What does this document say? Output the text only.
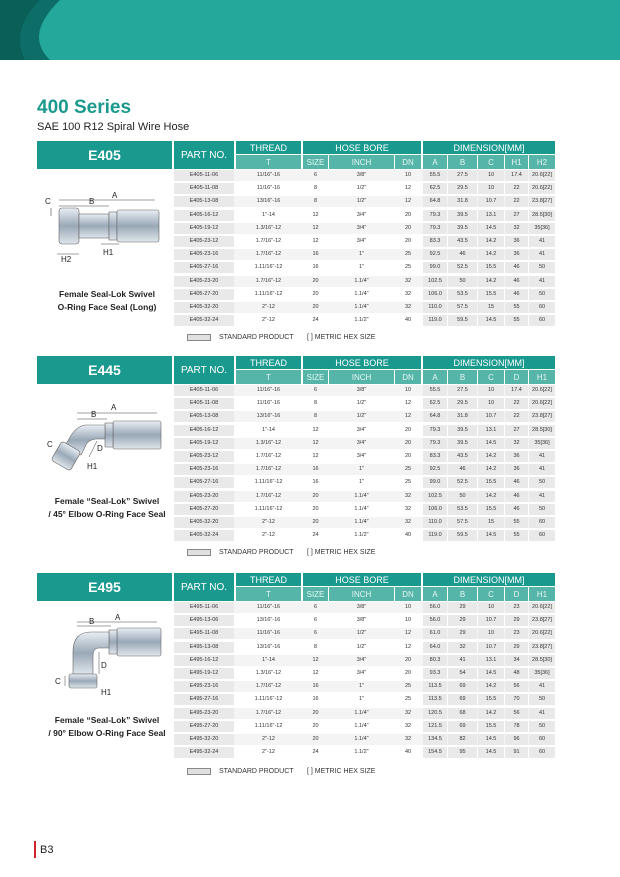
400 Series
SAE 100 R12 Spiral Wire Hose
E405	PART NO.
THREAD	HOSE BORE	DIMENSION[MM]
T	SIZE	INCH	DN	A	B	C	H1	H2
A
B
C
H2
H1
Female Seal-Lok Swivel
O-Ring Face Seal (Long)
E405-11-06	11/16"-16	6	3/8"	10	55.5	27.5	10	17.4	20.6[22]
E405-11-08	11/16"-16	8	1/2"	12	62.5	29.5	10	22	20.6[22]
E405-13-08	13/16"-16	8	1/2"	12	64.8	31.8	10.7	22	23.8[27]
E405-16-12	1"-14	12	3/4"	20	79.3	39.5	13.1	27	28.5[30]
E405-19-12	1.3/16"-12	12	3/4"	20	79.3	39.5	14.5	32	35[36]
E405-23-12	1.7/16"-12	12	3/4"	20	83.3	43.5	14.2	36	41
E405-23-16	1.7/16"-12	16	1"	25	92.5	46	14.2	36	41
E405-27-16	1.11/16"-12	16	1"	25	99.0	52.5	15.5	46	50
E405-23-20	1.7/16"-12	20	1.1/4"	32	102.5	50	14.2	46	41
E405-27-20	1.11/16"-12	20	1.1/4"	32	106.0	53.5	15.5	46	50
E405-32-20	2"-12	20	1.1/4"	32	110.0	57.5	15	55	60
E405-32-24	2"-12	24	1.1/2"	40	119.0	59.5	14.5	55	60
STANDARD PRODUCT [ ] METRIC HEX SIZE
E445	PART NO.
THREAD	HOSE BORE	DIMENSION[MM]
T	SIZE	INCH	DN	A	B	C	D	H1
A
B
C	D
H1
Female “Seal-Lok” Swivel
/ 45° Elbow O-Ring Face Seal
E405-11-06	11/16"-16	6	3/8"	10	55.5	27.5	10	17.4	20.6[22]
E405-11-08	11/16"-16	8	1/2"	12	62.5	29.5	10	22	20.6[22]
E405-13-08	13/16"-16	8	1/2"	12	64.8	31.8	10.7	22	23.8[27]
E405-16-12	1"-14	12	3/4"	20	79.3	39.5	13.1	27	28.5[30]
E405-19-12	1.3/16"-12	12	3/4"	20	79.3	39.5	14.5	32	35[36]
E405-23-12	1.7/16"-12	12	3/4"	20	83.3	43.5	14.2	36	41
E405-23-16	1.7/16"-12	16	1"	25	92.5	46	14.2	36	41
E405-27-16	1.11/16"-12	16	1"	25	99.0	52.5	15.5	46	50
E405-23-20	1.7/16"-12	20	1.1/4"	32	102.5	50	14.2	46	41
E405-27-20	1.11/16"-12	20	1.1/4"	32	106.0	53.5	15.5	46	50
E405-32-20	2"-12	20	1.1/4"	32	110.0	57.5	15	55	60
E405-32-24	2"-12	24	1.1/2"	40	119.0	59.5	14.5	55	60
STANDARD PRODUCT [ ] METRIC HEX SIZE
E495	PART NO.
THREAD	HOSE BORE	DIMENSION[MM]
T	SIZE	INCH	DN	A	B	C	D	H1
A
B
C
D
H1
Female “Seal-Lok” Swivel
/ 90° Elbow O-Ring Face Seal
E495-11-06	11/16"-16	6	3/8"	10	56.0	29	10	23	20.6[22]
E495-13-06	13/16"-16	6	3/8"	10	56.0	29	10.7	29	23.8[27]
E495-11-08	11/16"-16	6	1/2"	12	61.0	29	10	23	20.6[22]
E495-13-08	13/16"-16	8	1/2"	12	64.0	32	10.7	29	23.8[27]
E495-16-12	1"-14	12	3/4"	20	80.3	41	13.1	34	28.5[30]
E495-19-12	1.3/16"-12	12	3/4"	20	93.3	54	14.5	48	35[36]
E495-23-16	1.7/16"-12	16	1"	25	113.5	69	14.2	56	41
E495-27-16	1.11/16"-12	16	1"	25	113.5	69	15.5	70	50
E495-23-20	1.7/16"-12	20	1.1/4"	32	120.5	68	14.2	56	41
E495-27-20	1.11/16"-12	20	1.1/4"	32	121.5	69	15.5	78	50
E495-32-20	2"-12	20	1.1/4"	32	134.5	82	14.5	96	60
E495-32-24	2"-12	24	1.1/2"	40	154.5	95	14.5	91	60
STANDARD PRODUCT [ ] METRIC HEX SIZE
B3
